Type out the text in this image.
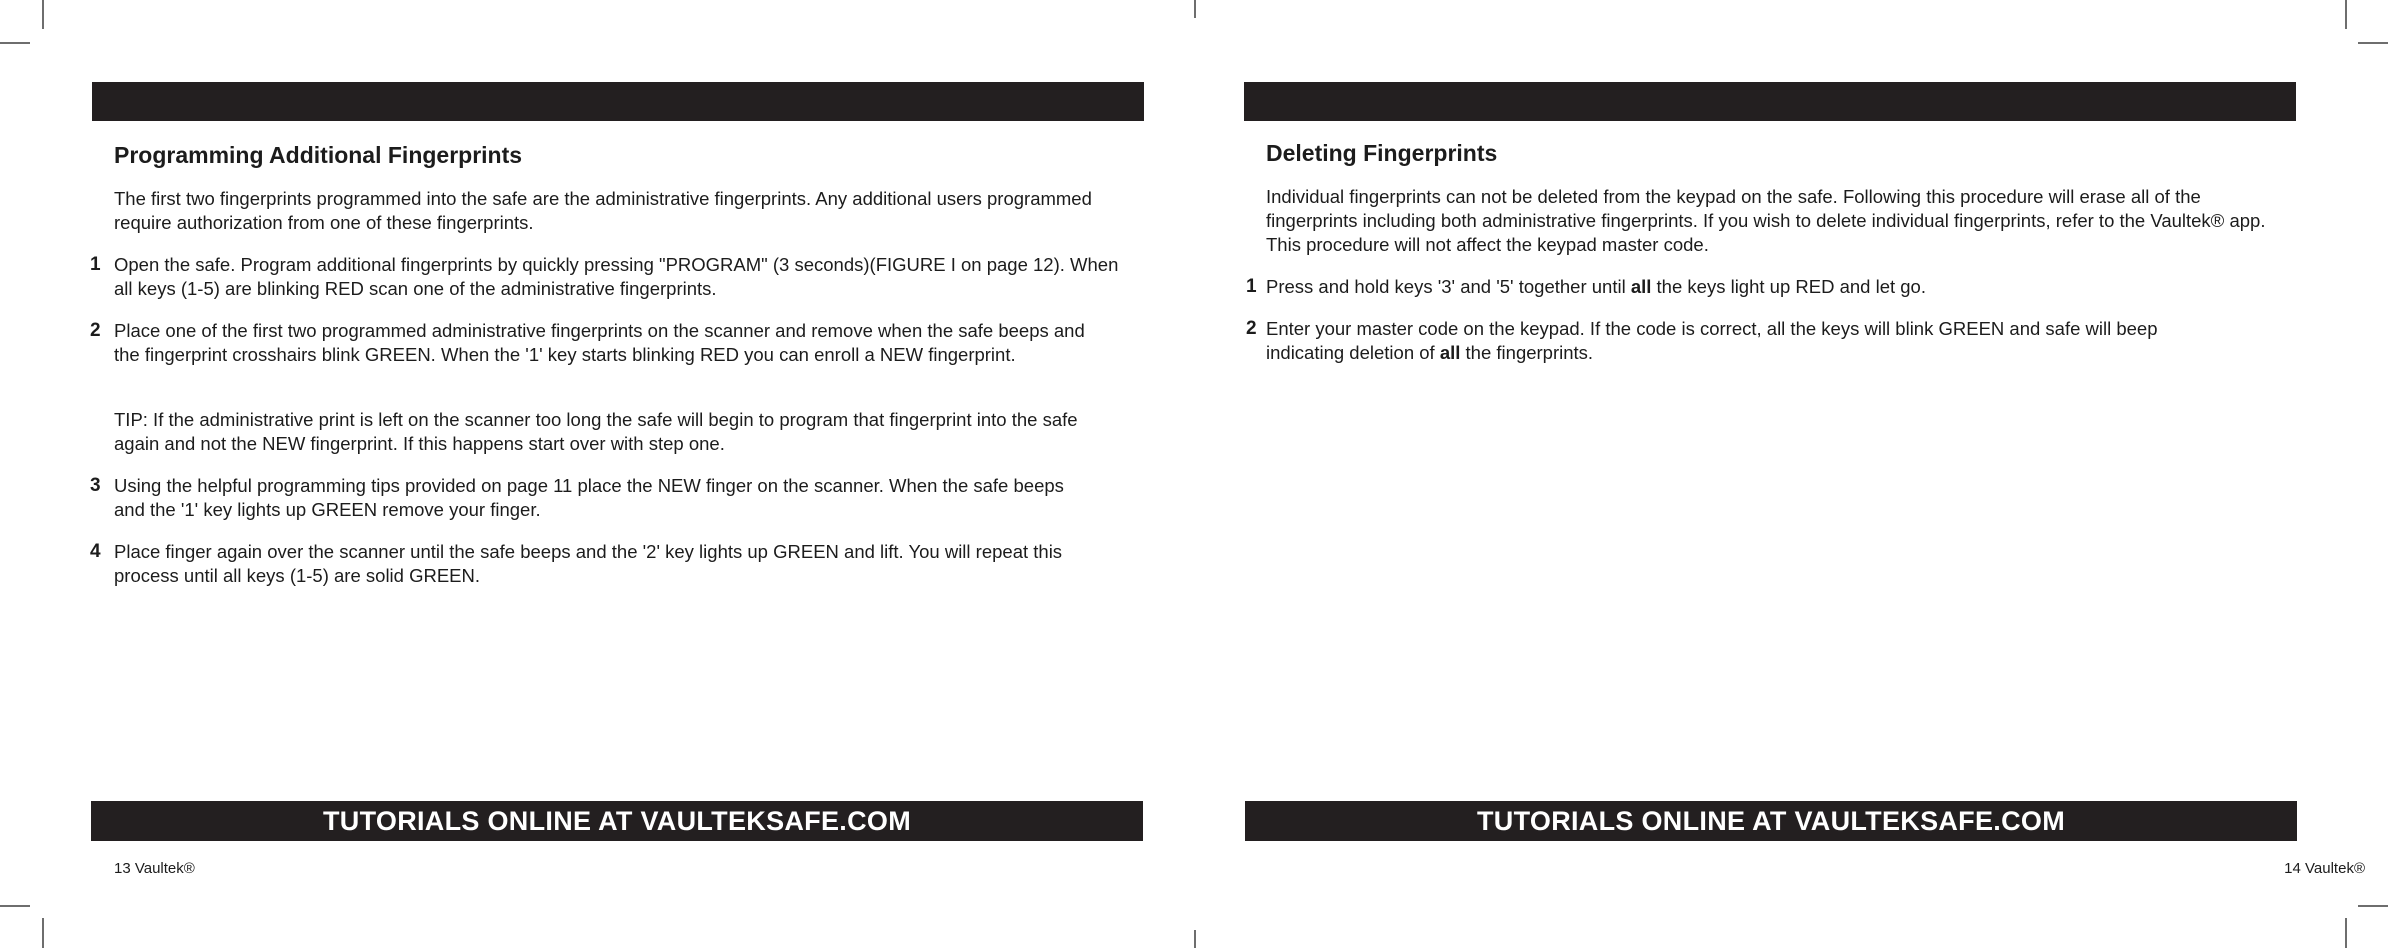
Programming Additional Fingerprints

The first two fingerprints programmed into the safe are the administrative fingerprints. Any additional users programmed require authorization from one of these fingerprints.

1 Open the safe. Program additional fingerprints by quickly pressing "PROGRAM" (3 seconds)(FIGURE I on page 12). When all keys (1-5) are blinking RED scan one of the administrative fingerprints.

2 Place one of the first two programmed administrative fingerprints on the scanner and remove when the safe beeps and the fingerprint crosshairs blink GREEN. When the '1' key starts blinking RED you can enroll a NEW fingerprint.

TIP: If the administrative print is left on the scanner too long the safe will begin to program that fingerprint into the safe again and not the NEW fingerprint. If this happens start over with step one.

3 Using the helpful programming tips provided on page 11 place the NEW finger on the scanner. When the safe beeps and the '1' key lights up GREEN remove your finger.

4 Place finger again over the scanner until the safe beeps and the '2' key lights up GREEN and lift. You will repeat this process until all keys (1-5) are solid GREEN.

TUTORIALS ONLINE AT VAULTEKSAFE.COM
13 Vaultek®
Deleting Fingerprints

Individual fingerprints can not be deleted from the keypad on the safe. Following this procedure will erase all of the fingerprints including both administrative fingerprints. If you wish to delete individual fingerprints, refer to the Vaultek® app. This procedure will not affect the keypad master code.

1 Press and hold keys '3' and '5' together until all the keys light up RED and let go.

2 Enter your master code on the keypad. If the code is correct, all the keys will blink GREEN and safe will beep indicating deletion of all the fingerprints.

TUTORIALS ONLINE AT VAULTEKSAFE.COM
14 Vaultek®
